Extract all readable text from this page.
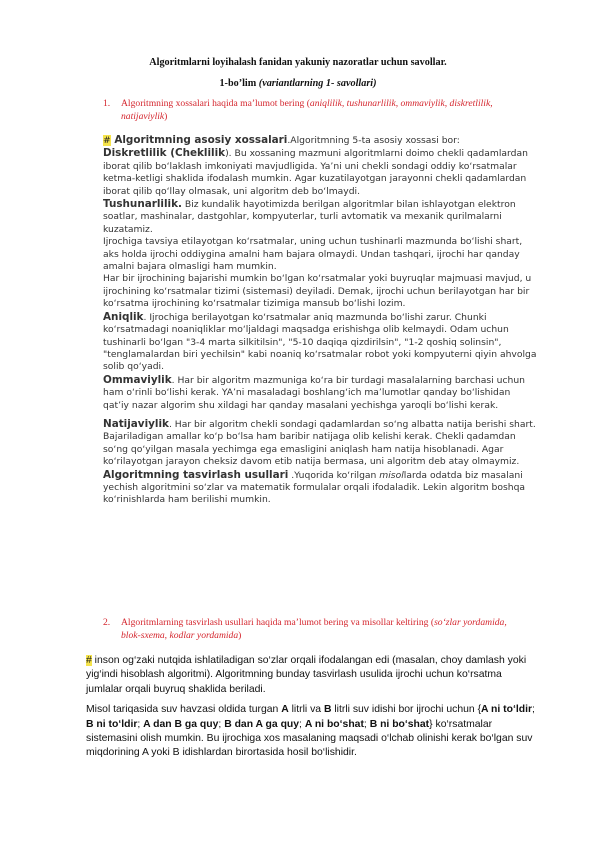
Algoritmlarni loyihalash fanidan yakuniy nazoratlar uchun savollar.
1-bo’lim (variantlarning 1- savollari)
1. Algoritmning xossalari haqida ma’lumot bering (aniqlilik, tushunarlilik, ommaviylik, diskretlilik, natijaviylik)

# Algoritmning asosiy xossalari.Algoritmning 5-ta asosiy xossasi bor:

Diskretlilik (Cheklilik). Bu xossaning mazmuni algoritmlarni doimo chekli qadamlardan iborat qilib bo‘laklash imkoniyati mavjudligida. Ya’ni uni chekli sondagi oddiy ko‘rsatmalar ketma-ketligi shaklida ifodalash mumkin. Agar kuzatilayotgan jarayonni chekli qadamlardan iborat qilib qo‘llay olmasak, uni algoritm deb bo‘lmaydi.

Tushunarlilik. Biz kundalik hayotimizda berilgan algoritmlar bilan ishlayotgan elektron soatlar, mashinalar, dastgohlar, kompyuterlar, turli avtomatik va mexanik qurilmalarni kuzatamiz.

Ijrochiga tavsiya etilayotgan ko‘rsatmalar, uning uchun tushinarli mazmunda bo‘lishi shart, aks holda ijrochi oddiygina amalni ham bajara olmaydi. Undan tashqari, ijrochi har qanday amalni bajara olmasligi ham mumkin.

Har bir ijrochining bajarishi mumkin bo‘lgan ko‘rsatmalar yoki buyruqlar majmuasi mavjud, u ijrochining ko‘rsatmalar tizimi (sistemasi) deyiladi. Demak, ijrochi uchun berilayotgan har bir ko‘rsatma ijrochining ko‘rsatmalar tizimiga mansub bo‘lishi lozim.

Aniqlik. Ijrochiga berilayotgan ko‘rsatmalar aniq mazmunda bo‘lishi zarur. Chunki ko‘rsatmadagi noaniqliklar mo‘ljaldagi maqsadga erishishga olib kelmaydi. Odam uchun tushinarli bo‘lgan "3-4 marta silkitilsin", "5-10 daqiqa qizdirilsin", "1-2 qoshiq solinsin", "tenglamalardan biri yechilsin" kabi noaniq ko‘rsatmalar robot yoki kompyuterni qiyin ahvolga solib qo‘yadi.

Ommaviylik. Har bir algoritm mazmuniga ko‘ra bir turdagi masalalarning barchasi uchun ham o‘rinli bo‘lishi kerak. YA’ni masaladagi boshlang‘ich ma’lumotlar qanday bo‘lishidan qat’iy nazar algorim shu xildagi har qanday masalani yechishga yaroqli bo‘lishi kerak.

Natijaviylik. Har bir algoritm chekli sondagi qadamlardan so‘ng albatta natija berishi shart. Bajariladigan amallar ko‘p bo‘lsa ham baribir natijaga olib kelishi kerak. Chekli qadamdan so‘ng qo‘yilgan masala yechimga ega emasligini aniqlash ham natija hisoblanadi. Agar ko‘rilayotgan jarayon cheksiz davom etib natija bermasa, uni algoritm deb atay olmaymiz.

Algoritmning tasvirlash usullari .Yuqorida ko‘rilgan misollarda odatda biz masalani yechish algoritmini so‘zlar va matematik formulalar orqali ifodaladik. Lekin algoritm boshqa ko‘rinishlarda ham berilishi mumkin.

2. Algoritmlarning tasvirlash usullari haqida ma’lumot bering va misollar keltiring (so‘zlar yordamida, blok-sxema, kodlar yordamida)

# inson og‘zaki nutqida ishlatiladigan so‘zlar orqali ifodalangan edi (masalan, choy damlash yoki yig‘indi hisoblash algoritmi). Algoritmning bunday tasvirlash usulida ijrochi uchun ko‘rsatma jumlalar orqali buyruq shaklida beriladi.

Misol tariqasida suv havzasi oldida turgan A litrli va B litrli suv idishi bor ijrochi uchun {A ni to‘ldir; B ni to‘ldir; A dan B ga quy; B dan A ga quy; A ni bo‘shat; B ni bo‘shat} ko‘rsatmalar sistemasini olish mumkin. Bu ijrochiga xos masalaning maqsadi o‘lchab olinishi kerak bo‘lgan suv miqdorining A yoki B idishlardan birortasida hosil bo‘lishidir.
